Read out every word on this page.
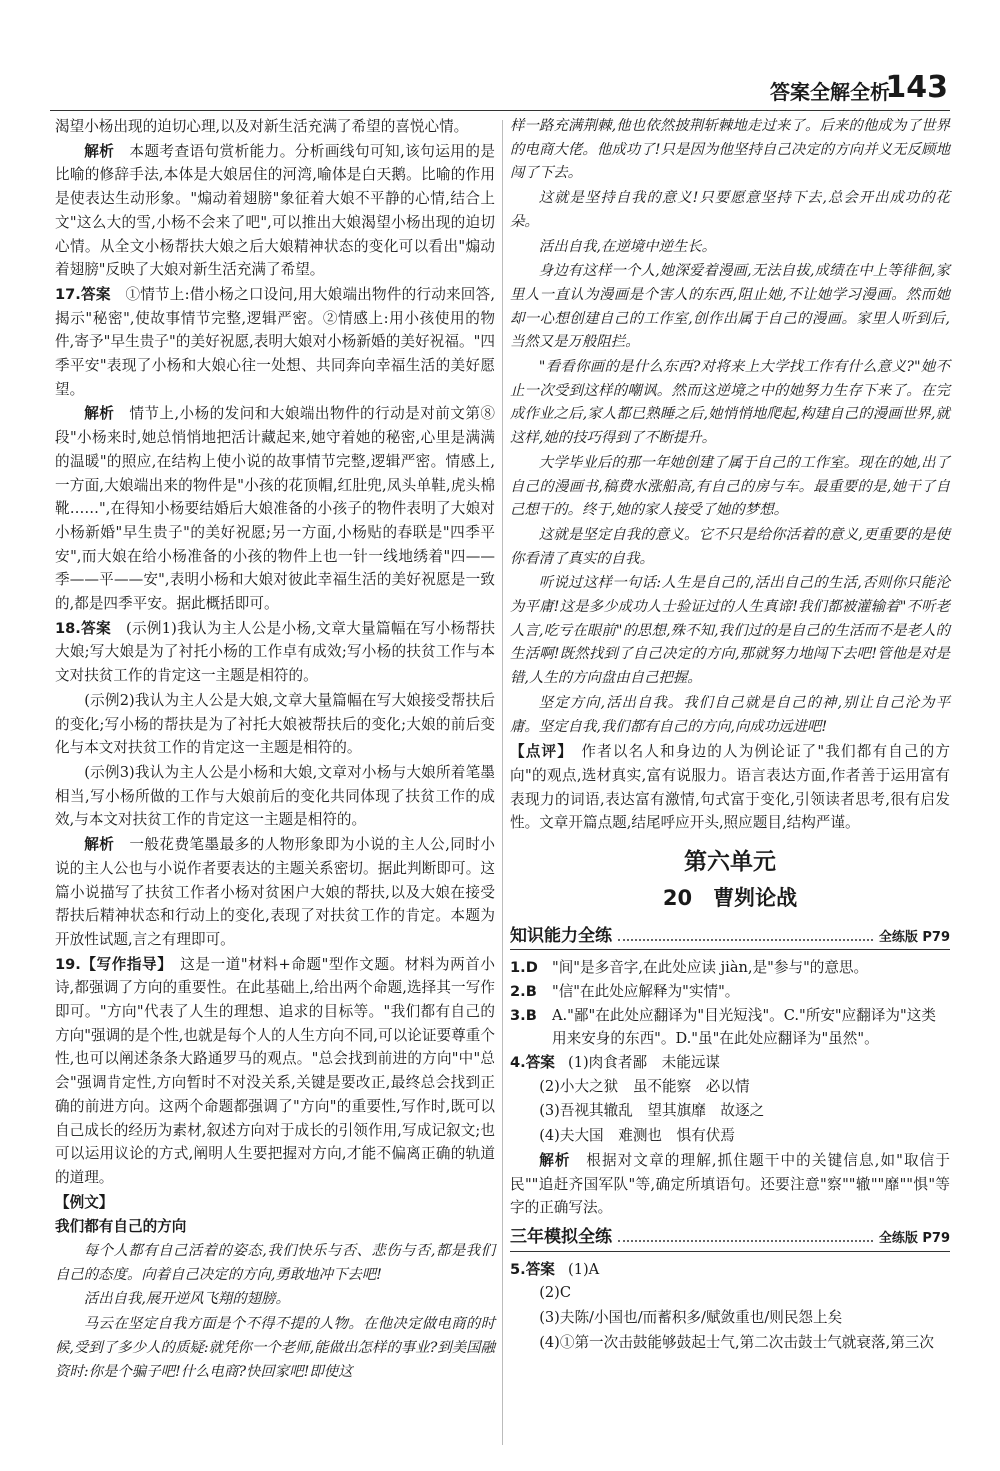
答案全解全析
143

渴望小杨出现的迫切心理,以及对新生活充满了希望的喜悦心情。

解析　 本题考查语句赏析能力。分析画线句可知,该句运用的是比喻的修辞手法,本体是大娘居住的河湾,喻体是白天鹅。比喻的作用是使表达生动形象。"煽动着翅膀"象征着大娘不平静的心情,结合上文"这么大的雪,小杨不会来了吧",可以推出大娘渴望小杨出现的迫切心情。从全文小杨帮扶大娘之后大娘精神状态的变化可以看出"煽动着翅膀"反映了大娘对新生活充满了希望。

17.答案　 ①情节上:借小杨之口设问,用大娘端出物件的行动来回答,揭示"秘密",使故事情节完整,逻辑严密。②情感上:用小孩使用的物件,寄予"早生贵子"的美好祝愿,表明大娘对小杨新婚的美好祝福。"四季平安"表现了小杨和大娘心往一处想、共同奔向幸福生活的美好愿望。

解析　 情节上,小杨的发问和大娘端出物件的行动是对前文第⑧段"小杨来时,她总悄悄地把活计藏起来,她守着她的秘密,心里是满满的温暖"的照应,在结构上使小说的故事情节完整,逻辑严密。情感上,一方面,大娘端出来的物件是"小孩的花顶帽,红肚兜,凤头单鞋,虎头棉靴……",在得知小杨要结婚后大娘准备的小孩子的物件表明了大娘对小杨新婚"早生贵子"的美好祝愿;另一方面,小杨贴的春联是"四季平安",而大娘在给小杨准备的小孩的物件上也一针一线地绣着"四——季——平——安",表明小杨和大娘对彼此幸福生活的美好祝愿是一致的,都是四季平安。据此概括即可。

18.答案　 (示例1)我认为主人公是小杨,文章大量篇幅在写小杨帮扶大娘;写大娘是为了衬托小杨的工作卓有成效;写小杨的扶贫工作与本文对扶贫工作的肯定这一主题是相符的。

(示例2)我认为主人公是大娘,文章大量篇幅在写大娘接受帮扶后的变化;写小杨的帮扶是为了衬托大娘被帮扶后的变化;大娘的前后变化与本文对扶贫工作的肯定这一主题是相符的。

(示例3)我认为主人公是小杨和大娘,文章对小杨与大娘所着笔墨相当,写小杨所做的工作与大娘前后的变化共同体现了扶贫工作的成效,与本文对扶贫工作的肯定这一主题是相符的。

解析　 一般花费笔墨最多的人物形象即为小说的主人公,同时小说的主人公也与小说作者要表达的主题关系密切。据此判断即可。这篇小说描写了扶贫工作者小杨对贫困户大娘的帮扶,以及大娘在接受帮扶后精神状态和行动上的变化,表现了对扶贫工作的肯定。本题为开放性试题,言之有理即可。

19.【写作指导】　 这是一道"材料+命题"型作文题。材料为两首小诗,都强调了方向的重要性。在此基础上,给出两个命题,选择其一写作即可。"方向"代表了人生的理想、追求的目标等。"我们都有自己的方向"强调的是个性,也就是每个人的人生方向不同,可以论证要尊重个性,也可以阐述条条大路通罗马的观点。"总会找到前进的方向"中"总会"强调肯定性,方向暂时不对没关系,关键是要改正,最终总会找到正确的前进方向。这两个命题都强调了"方向"的重要性,写作时,既可以自己成长的经历为素材,叙述方向对于成长的引领作用,写成记叙文;也可以运用议论的方式,阐明人生要把握对方向,才能不偏离正确的轨道的道理。

【例文】

我们都有自己的方向

每个人都有自己活着的姿态,我们快乐与否、悲伤与否,都是我们自己的态度。向着自己决定的方向,勇敢地冲下去吧!

活出自我,展开逆风飞翔的翅膀。

马云在坚定自我方面是个不得不提的人物。在他决定做电商的时候,受到了多少人的质疑:就凭你一个老师,能做出怎样的事业?到美国融资时:你是个骗子吧!什么电商?快回家吧!即使这

样一路充满荆棘,他也依然披荆斩棘地走过来了。后来的他成为了世界的电商大佬。他成功了!只是因为他坚持自己决定的方向并义无反顾地闯了下去。

这就是坚持自我的意义!只要愿意坚持下去,总会开出成功的花朵。

活出自我,在逆境中逆生长。

身边有这样一个人,她深爱着漫画,无法自拔,成绩在中上等徘徊,家里人一直认为漫画是个害人的东西,阻止她,不让她学习漫画。然而她却一心想创建自己的工作室,创作出属于自己的漫画。家里人听到后,当然又是万般阻拦。

"看看你画的是什么东西?对将来上大学找工作有什么意义?"她不止一次受到这样的嘲讽。然而这逆境之中的她努力生存下来了。在完成作业之后,家人都已熟睡之后,她悄悄地爬起,构建自己的漫画世界,就这样,她的技巧得到了不断提升。

大学毕业后的那一年她创建了属于自己的工作室。现在的她,出了自己的漫画书,稿费水涨船高,有自己的房与车。最重要的是,她干了自己想干的。终于,她的家人接受了她的梦想。

这就是坚定自我的意义。它不只是给你活着的意义,更重要的是使你看清了真实的自我。

听说过这样一句话:人生是自己的,活出自己的生活,否则你只能沦为平庸!这是多少成功人士验证过的人生真谛!我们都被灌输着"不听老人言,吃亏在眼前"的思想,殊不知,我们过的是自己的生活而不是老人的生活啊!既然找到了自己决定的方向,那就努力地闯下去吧!管他是对是错,人生的方向盘由自己把握。

坚定方向,活出自我。我们自己就是自己的神,别让自己沦为平庸。坚定自我,我们都有自己的方向,向成功远进吧!

【点评】　 作者以名人和身边的人为例论证了"我们都有自己的方向"的观点,选材真实,富有说服力。语言表达方面,作者善于运用富有表现力的词语,表达富有激情,句式富于变化,引领读者思考,很有启发性。文章开篇点题,结尾呼应开头,照应题目,结构严谨。

第六单元
20　曹刿论战
知识能力全练	全练版 P79
1.D "间"是多音字,在此处应读 jiàn,是"参与"的意思。
2.B	"信"在此处应解释为"实情"。
3.B	A."鄙"在此处应翻译为"目光短浅"。C."所安"应翻译为"这类用来安身的东西"。D."虽"在此处应翻译为"虽然"。
4.答案 (1)肉食者鄙　未能远谋

(2)小大之狱　虽不能察　必以情

(3)吾视其辙乱　望其旗靡　故逐之

(4)夫大国　难测也　惧有伏焉

解析　 根据对文章的理解,抓住题干中的关键信息,如"取信于民""追赶齐国军队"等,确定所填语句。还要注意"察""辙""靡""惧"等字的正确写法。

三年模拟全练	全练版 P79
5.答案 (1)A

(2)C

(3)夫陈/小国也/而蓄积多/赋敛重也/则民怨上矣

(4)①第一次击鼓能够鼓起士气,第二次击鼓士气就衰落,第三次
